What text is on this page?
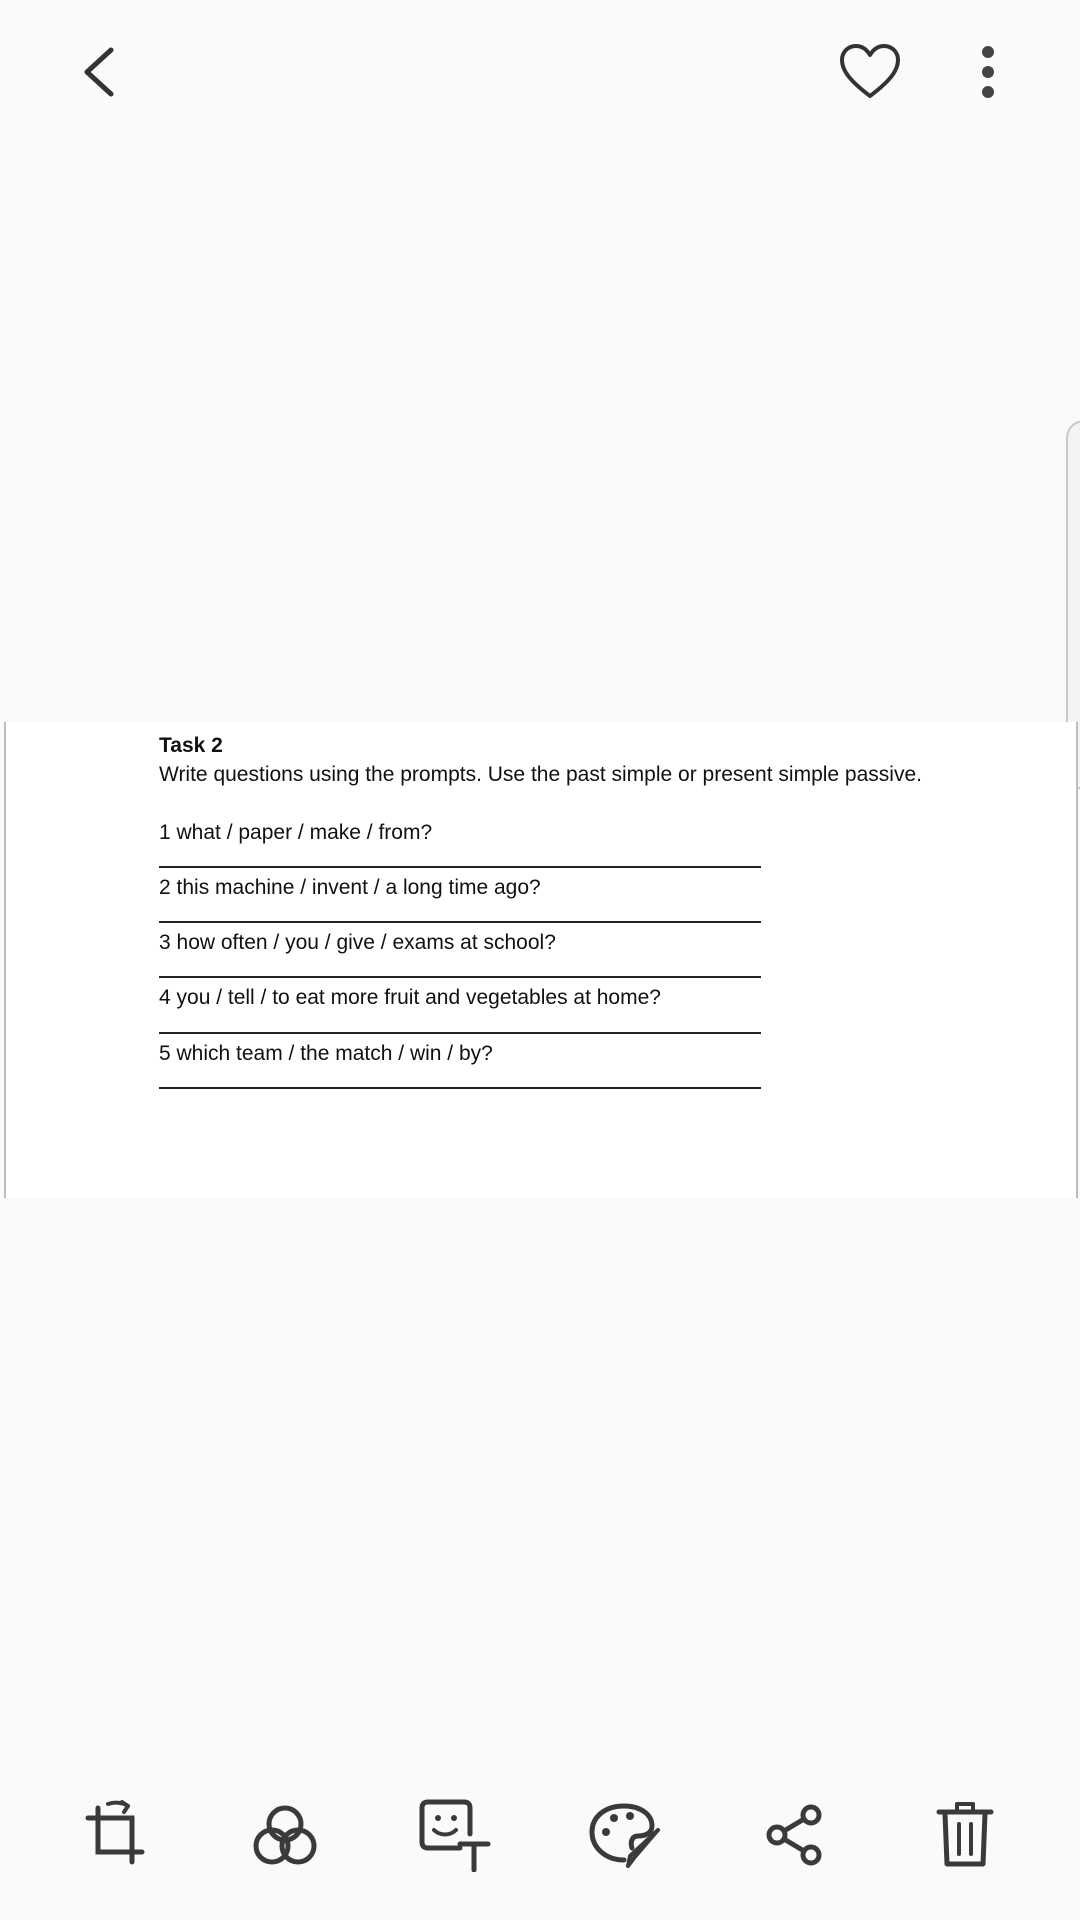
Task 2

Write questions using the prompts. Use the past simple or present simple passive.

1 what / paper / make / from?

2 this machine / invent / a long time ago?

3 how often / you / give / exams at school?

4 you / tell / to eat more fruit and vegetables at home?

5 which team / the match / win / by?
